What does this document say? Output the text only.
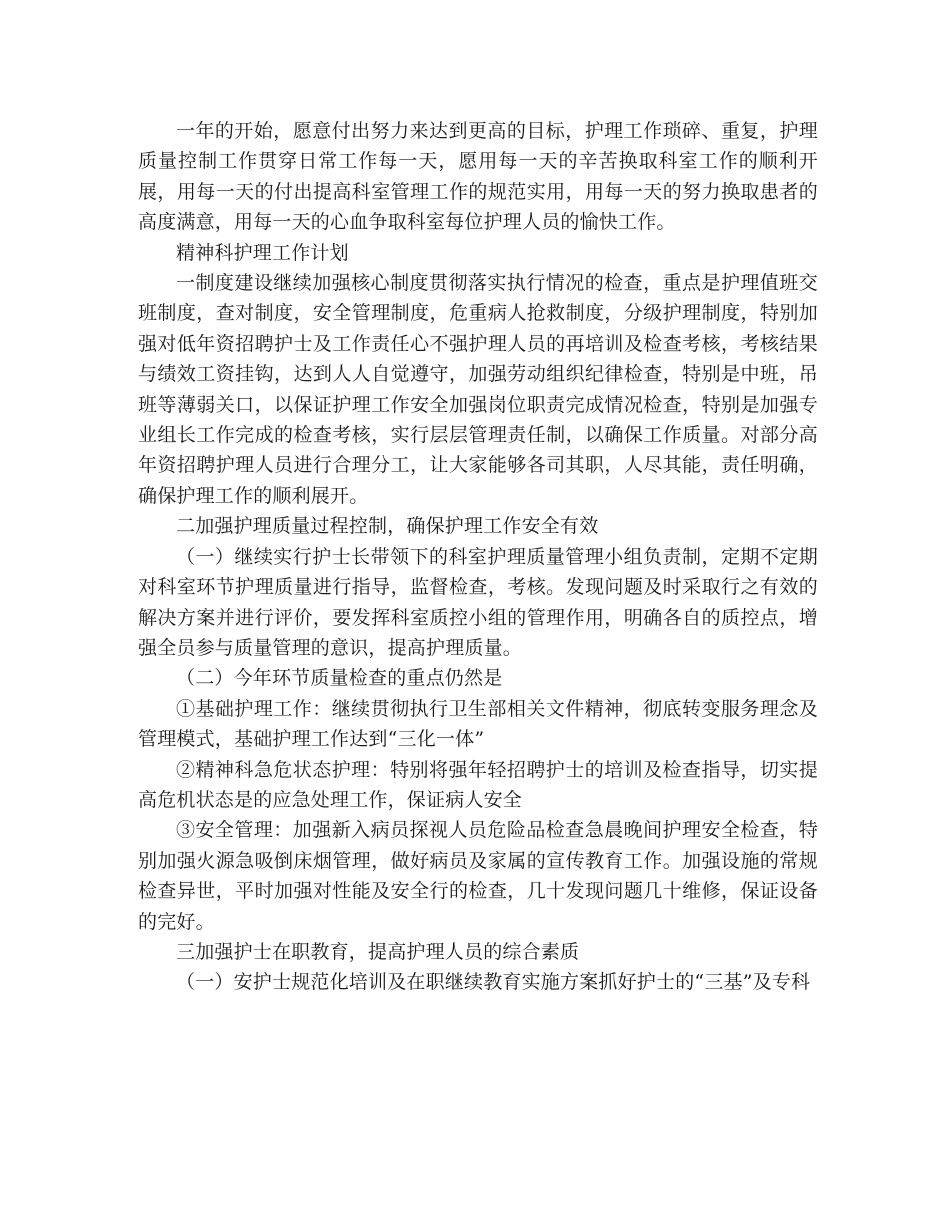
一年的开始，愿意付出努力来达到更高的目标，护理工作琐碎、重复，护理质量控制工作贯穿日常工作每一天，愿用每一天的辛苦换取科室工作的顺利开展，用每一天的付出提高科室管理工作的规范实用，用每一天的努力换取患者的高度满意，用每一天的心血争取科室每位护理人员的愉快工作。

精神科护理工作计划

一制度建设继续加强核心制度贯彻落实执行情况的检查，重点是护理值班交班制度，查对制度，安全管理制度，危重病人抢救制度，分级护理制度，特别加强对低年资招聘护士及工作责任心不强护理人员的再培训及检查考核，考核结果与绩效工资挂钩，达到人人自觉遵守，加强劳动组织纪律检查，特别是中班，吊班等薄弱关口，以保证护理工作安全加强岗位职责完成情况检查，特别是加强专业组长工作完成的检查考核，实行层层管理责任制，以确保工作质量。对部分高年资招聘护理人员进行合理分工，让大家能够各司其职，人尽其能，责任明确，确保护理工作的顺利展开。

二加强护理质量过程控制，确保护理工作安全有效

（一）继续实行护士长带领下的科室护理质量管理小组负责制，定期不定期对科室环节护理质量进行指导，监督检查，考核。发现问题及时采取行之有效的解决方案并进行评价，要发挥科室质控小组的管理作用，明确各自的质控点，增强全员参与质量管理的意识，提高护理质量。

（二）今年环节质量检查的重点仍然是

①基础护理工作：继续贯彻执行卫生部相关文件精神，彻底转变服务理念及管理模式，基础护理工作达到“三化一体”

②精神科急危状态护理：特别将强年轻招聘护士的培训及检查指导，切实提高危机状态是的应急处理工作，保证病人安全

③安全管理：加强新入病员探视人员危险品检查急晨晚间护理安全检查，特别加强火源急吸倒床烟管理，做好病员及家属的宣传教育工作。加强设施的常规检查异世，平时加强对性能及安全行的检查，几十发现问题几十维修，保证设备的完好。

三加强护士在职教育，提高护理人员的综合素质

（一）安护士规范化培训及在职继续教育实施方案抓好护士的“三基”及专科
